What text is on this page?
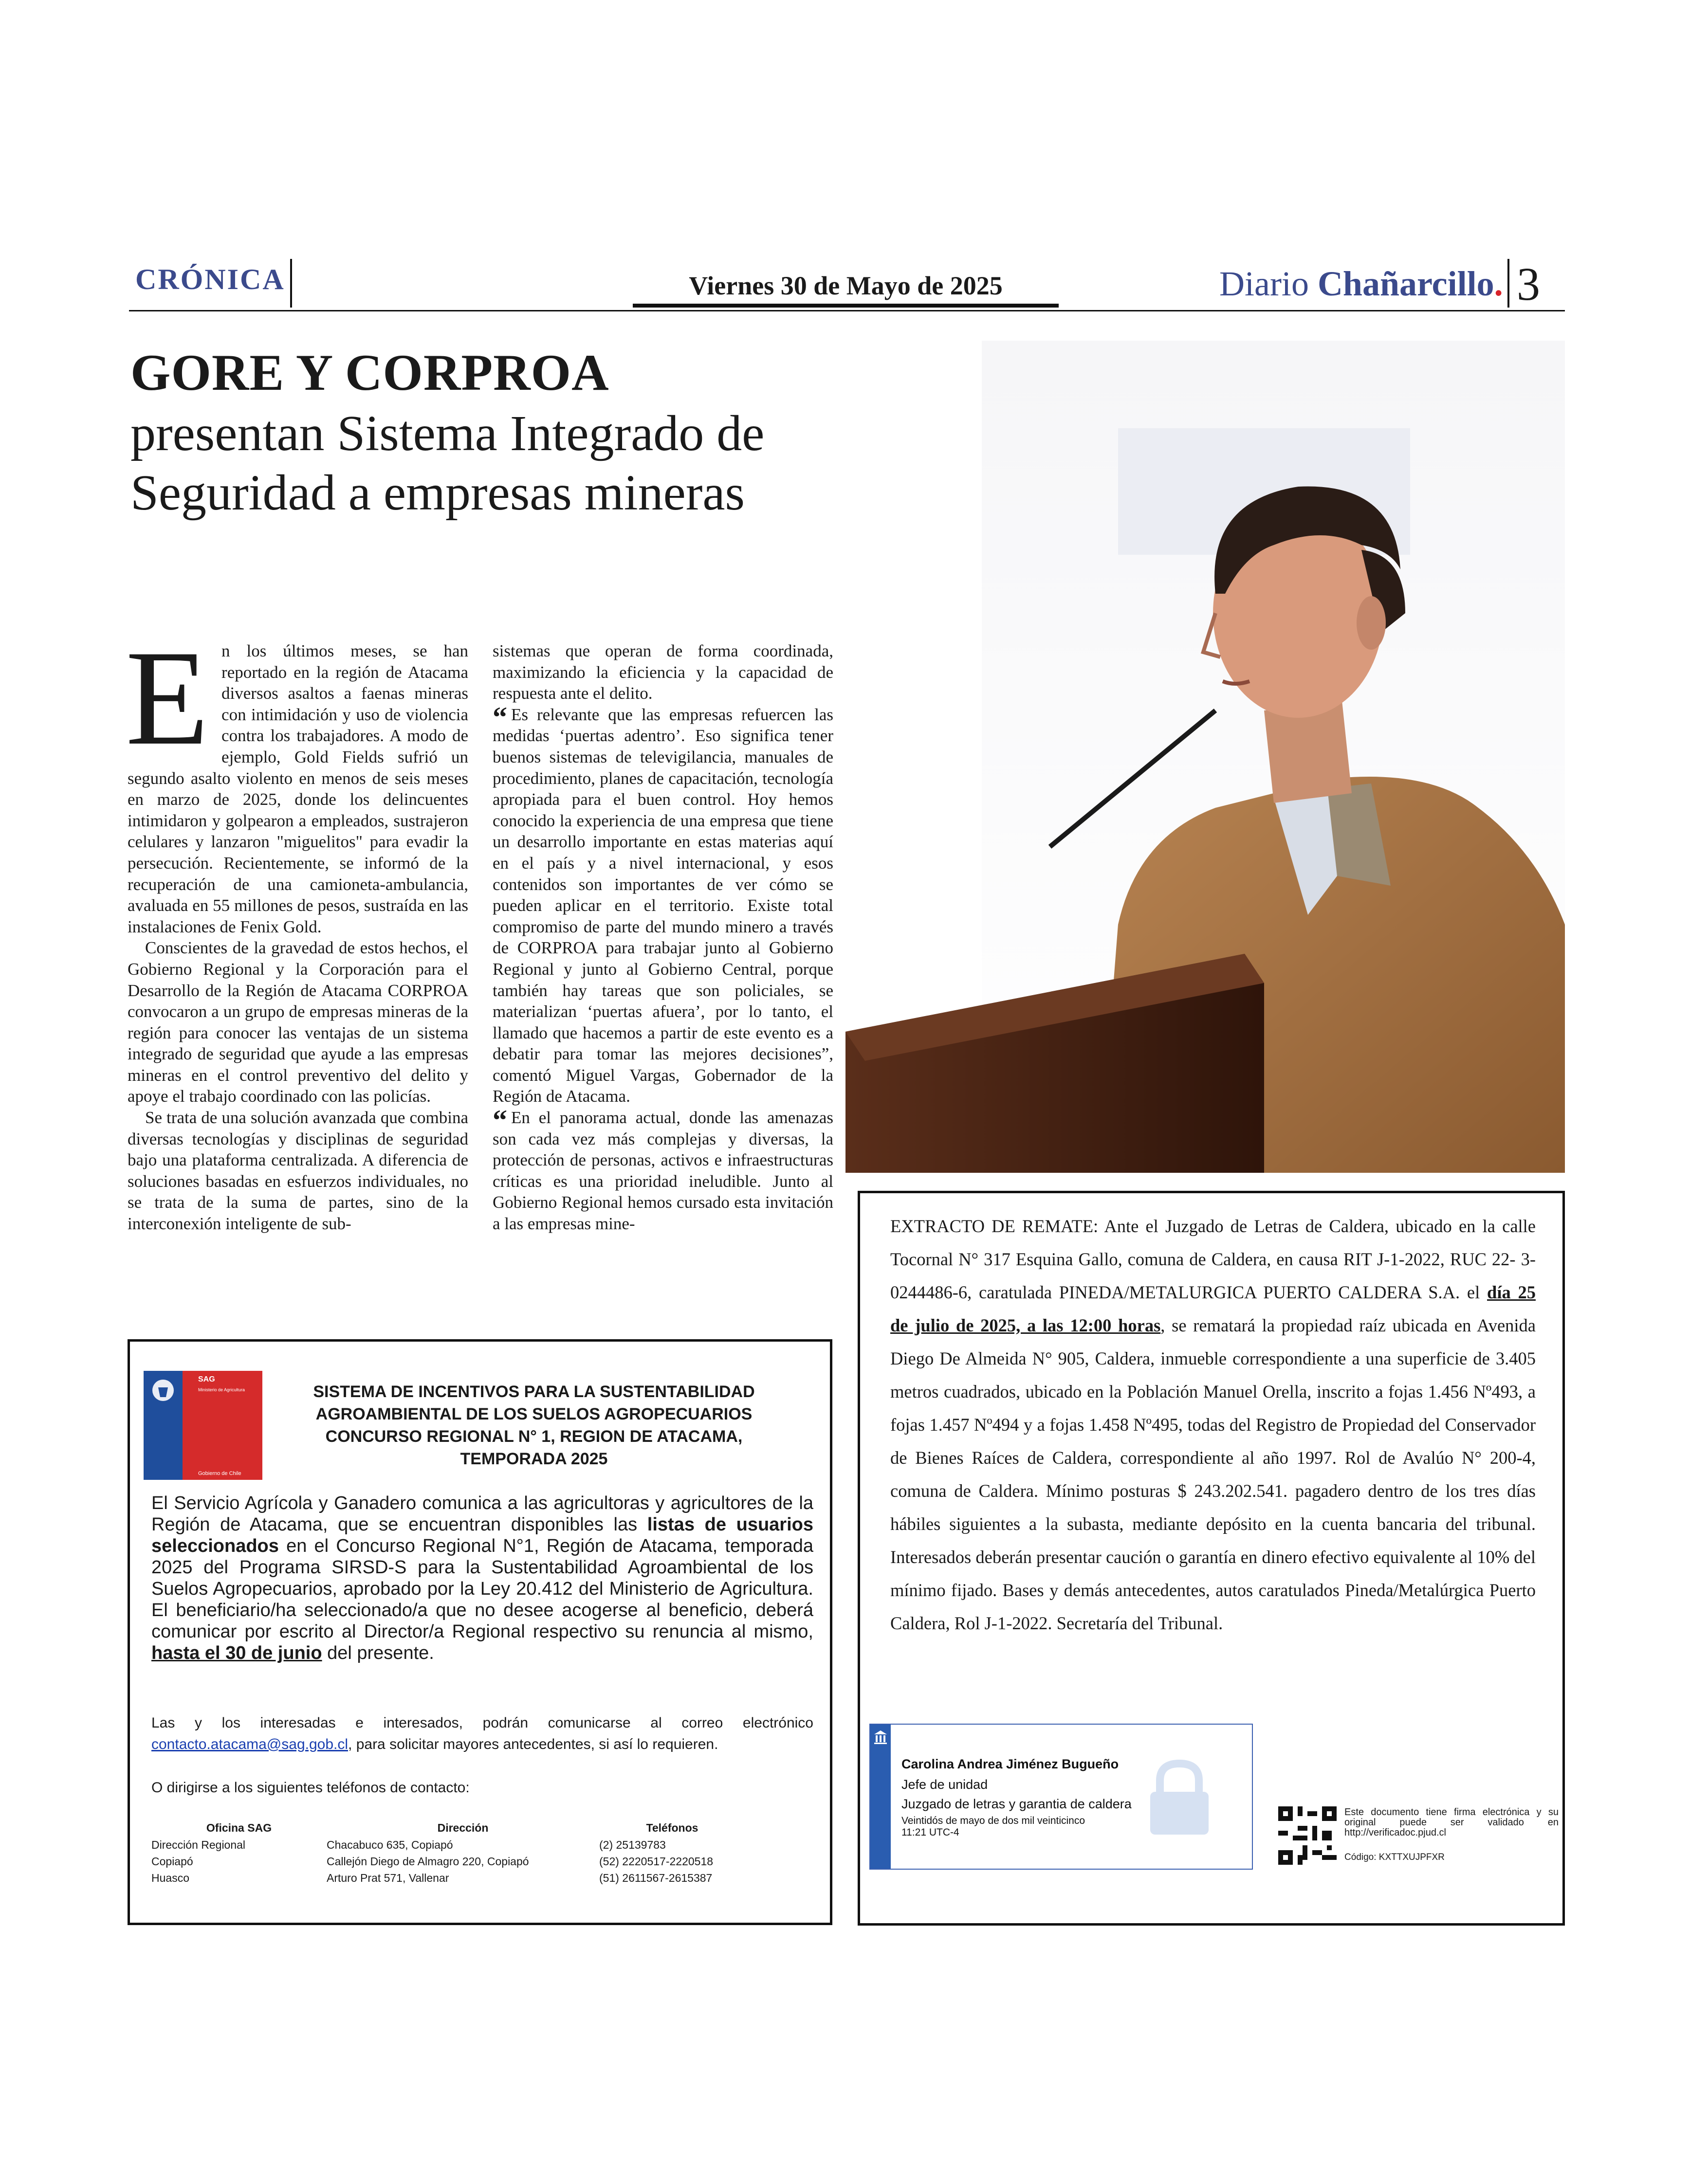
CRÓNICA	Viernes 30 de Mayo de 2025	Diario Chañarcillo. 3
GORE Y CORPROA
presentan Sistema Integrado de Seguridad a empresas mineras

En los últimos meses, se han reportado en la región de Atacama diversos asaltos a faenas mineras con intimidación y uso de violencia contra los trabajadores. A modo de ejemplo, Gold Fields sufrió un segundo asalto violento en menos de seis meses en marzo de 2025, donde los delincuentes intimidaron y golpearon a empleados, sustrajeron celulares y lanzaron "miguelitos" para evadir la persecución. Recientemente, se informó de la recuperación de una camioneta-ambulancia, avaluada en 55 millones de pesos, sustraída en las instalaciones de Fenix Gold.

Conscientes de la gravedad de estos hechos, el Gobierno Regional y la Corporación para el Desarrollo de la Región de Atacama CORPROA convocaron a un grupo de empresas mineras de la región para conocer las ventajas de un sistema integrado de seguridad que ayude a las empresas mineras en el control preventivo del delito y apoye el trabajo coordinado con las policías.

Se trata de una solución avanzada que combina diversas tecnologías y disciplinas de seguridad bajo una plataforma centralizada. A diferencia de soluciones basadas en esfuerzos individuales, no se trata de la suma de partes, sino de la interconexión inteligente de sub-

sistemas que operan de forma coordinada, maximizando la eficiencia y la capacidad de respuesta ante el delito.

“ Es relevante que las empresas refuercen las medidas ‘puertas adentro’. Eso significa tener buenos sistemas de televigilancia, manuales de procedimiento, planes de capacitación, tecnología apropiada para el buen control. Hoy hemos conocido la experiencia de una empresa que tiene un desarrollo importante en estas materias aquí en el país y a nivel internacional, y esos contenidos son importantes de ver cómo se pueden aplicar en el territorio. Existe total compromiso de parte del mundo minero a través de CORPROA para trabajar junto al Gobierno Regional y junto al Gobierno Central, porque también hay tareas que son policiales, se materializan ‘puertas afuera’, por lo tanto, el llamado que hacemos a partir de este evento es a debatir para tomar las mejores decisiones”, comentó Miguel Vargas, Gobernador de la Región de Atacama.

“ En el panorama actual, donde las amenazas son cada vez más complejas y diversas, la protección de personas, activos e infraestructuras críticas es una prioridad ineludible. Junto al Gobierno Regional hemos cursado esta invitación a las empresas mine-

SAG
Ministerio de Agricultura
Gobierno de Chile
SISTEMA DE INCENTIVOS PARA LA SUSTENTABILIDAD
AGROAMBIENTAL DE LOS SUELOS AGROPECUARIOS
CONCURSO REGIONAL N° 1, REGION DE ATACAMA,
TEMPORADA 2025
El Servicio Agrícola y Ganadero comunica a las agricultoras y agricultores de la Región de Atacama, que se encuentran disponibles las listas de usuarios seleccionados en el Concurso Regional N°1, Región de Atacama, temporada 2025 del Programa SIRSD-S para la Sustentabilidad Agroambiental de los Suelos Agropecuarios, aprobado por la Ley 20.412 del Ministerio de Agricultura. El beneficiario/ha seleccionado/a que no desee acogerse al beneficio, deberá comunicar por escrito al Director/a Regional respectivo su renuncia al mismo, hasta el 30 de junio del presente.
Las y los interesadas e interesados, podrán comunicarse al correo electrónico contacto.atacama@sag.gob.cl, para solicitar mayores antecedentes, si así lo requieren.
O dirigirse a los siguientes teléfonos de contacto:
Oficina SAG	Dirección	Teléfonos
Dirección Regional	Chacabuco 635, Copiapó	(2) 25139783
Copiapó	Callejón Diego de Almagro 220, Copiapó	(52) 2220517-2220518
Huasco	Arturo Prat 571, Vallenar	(51) 2611567-2615387
EXTRACTO DE REMATE: Ante el Juzgado de Letras de Caldera, ubicado en la calle Tocornal N° 317 Esquina Gallo, comuna de Caldera, en causa RIT J-1-2022, RUC 22- 3-0244486-6, caratulada PINEDA/METALURGICA PUERTO CALDERA S.A. el día 25 de julio de 2025, a las 12:00 horas, se rematará la propiedad raíz ubicada en Avenida Diego De Almeida N° 905, Caldera, inmueble correspondiente a una superficie de 3.405 metros cuadrados, ubicado en la Población Manuel Orella, inscrito a fojas 1.456 Nº493, a fojas 1.457 Nº494 y a fojas 1.458 Nº495, todas del Registro de Propiedad del Conservador de Bienes Raíces de Caldera, correspondiente al año 1997. Rol de Avalúo N° 200-4, comuna de Caldera. Mínimo posturas $ 243.202.541. pagadero dentro de los tres días hábiles siguientes a la subasta, mediante depósito en la cuenta bancaria del tribunal. Interesados deberán presentar caución o garantía en dinero efectivo equivalente al 10% del mínimo fijado. Bases y demás antecedentes, autos caratulados Pineda/Metalúrgica Puerto Caldera, Rol J-1-2022. Secretaría del Tribunal.
Carolina Andrea Jiménez Bugueño
Jefe de unidad
Juzgado de letras y garantia de caldera
Veintidós de mayo de dos mil veinticinco
11:21 UTC-4
Este documento tiene firma electrónica y su original puede ser validado en http://verificadoc.pjud.cl
Código: KXTTXUJPFXR
